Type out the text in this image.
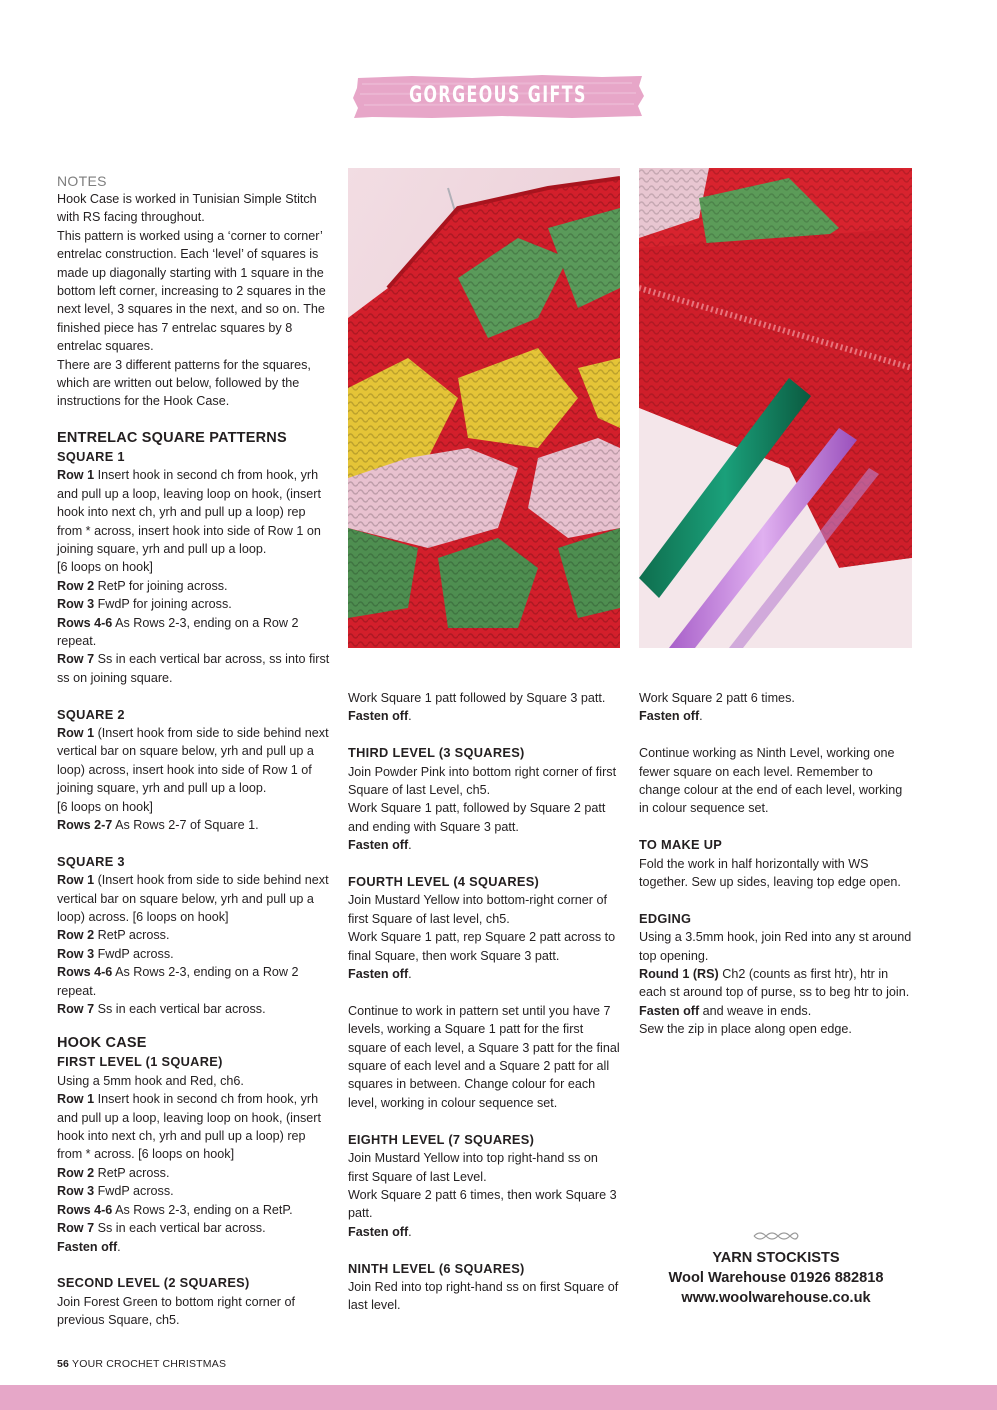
GORGEOUS GIFTS
NOTES
Hook Case is worked in Tunisian Simple Stitch with RS facing throughout.
This pattern is worked using a ‘corner to corner’ entrelac construction. Each ‘level’ of squares is made up diagonally starting with 1 square in the bottom left corner, increasing to 2 squares in the next level, 3 squares in the next, and so on. The finished piece has 7 entrelac squares by 8 entrelac squares.
There are 3 different patterns for the squares, which are written out below, followed by the instructions for the Hook Case.
ENTRELAC SQUARE PATTERNS
SQUARE 1
Row 1 Insert hook in second ch from hook, yrh and pull up a loop, leaving loop on hook, (insert hook into next ch, yrh and pull up a loop) rep from * across, insert hook into side of Row 1 on joining square, yrh and pull up a loop.
[6 loops on hook]
Row 2 RetP for joining across.
Row 3 FwdP for joining across.
Rows 4-6 As Rows 2-3, ending on a Row 2 repeat.
Row 7 Ss in each vertical bar across, ss into first ss on joining square.
SQUARE 2
Row 1 (Insert hook from side to side behind next vertical bar on square below, yrh and pull up a loop) across, insert hook into side of Row 1 of joining square, yrh and pull up a loop.
[6 loops on hook]
Rows 2-7 As Rows 2-7 of Square 1.
SQUARE 3
Row 1 (Insert hook from side to side behind next vertical bar on square below, yrh and pull up a loop) across. [6 loops on hook]
Row 2 RetP across.
Row 3 FwdP across.
Rows 4-6 As Rows 2-3, ending on a Row 2 repeat.
Row 7 Ss in each vertical bar across.
HOOK CASE
FIRST LEVEL (1 SQUARE)
Using a 5mm hook and Red, ch6.
Row 1 Insert hook in second ch from hook, yrh and pull up a loop, leaving loop on hook, (insert hook into next ch, yrh and pull up a loop) rep from * across. [6 loops on hook]
Row 2 RetP across.
Row 3 FwdP across.
Rows 4-6 As Rows 2-3, ending on a RetP.
Row 7 Ss in each vertical bar across.
Fasten off.
SECOND LEVEL (2 SQUARES)
Join Forest Green to bottom right corner of previous Square, ch5.
Work Square 1 patt followed by Square 3 patt.
Fasten off.
THIRD LEVEL (3 SQUARES)
Join Powder Pink into bottom right corner of first Square of last Level, ch5.
Work Square 1 patt, followed by Square 2 patt and ending with Square 3 patt.
Fasten off.
FOURTH LEVEL (4 SQUARES)
Join Mustard Yellow into bottom-right corner of first Square of last level, ch5.
Work Square 1 patt, rep Square 2 patt across to final Square, then work Square 3 patt.
Fasten off.
Continue to work in pattern set until you have 7 levels, working a Square 1 patt for the first square of each level, a Square 3 patt for the final square of each level and a Square 2 patt for all squares in between. Change colour for each level, working in colour sequence set.
EIGHTH LEVEL (7 SQUARES)
Join Mustard Yellow into top right-hand ss on first Square of last Level.
Work Square 2 patt 6 times, then work Square 3 patt.
Fasten off.
NINTH LEVEL (6 SQUARES)
Join Red into top right-hand ss on first Square of last level.
Work Square 2 patt 6 times.
Fasten off.
Continue working as Ninth Level, working one fewer square on each level. Remember to change colour at the end of each level, working in colour sequence set.
TO MAKE UP
Fold the work in half horizontally with WS together. Sew up sides, leaving top edge open.
EDGING
Using a 3.5mm hook, join Red into any st around top opening.
Round 1 (RS) Ch2 (counts as first htr), htr in each st around top of purse, ss to beg htr to join.
Fasten off and weave in ends.
Sew the zip in place along open edge.
YARN STOCKISTS
Wool Warehouse 01926 882818
www.woolwarehouse.co.uk
56 YOUR CROCHET CHRISTMAS
